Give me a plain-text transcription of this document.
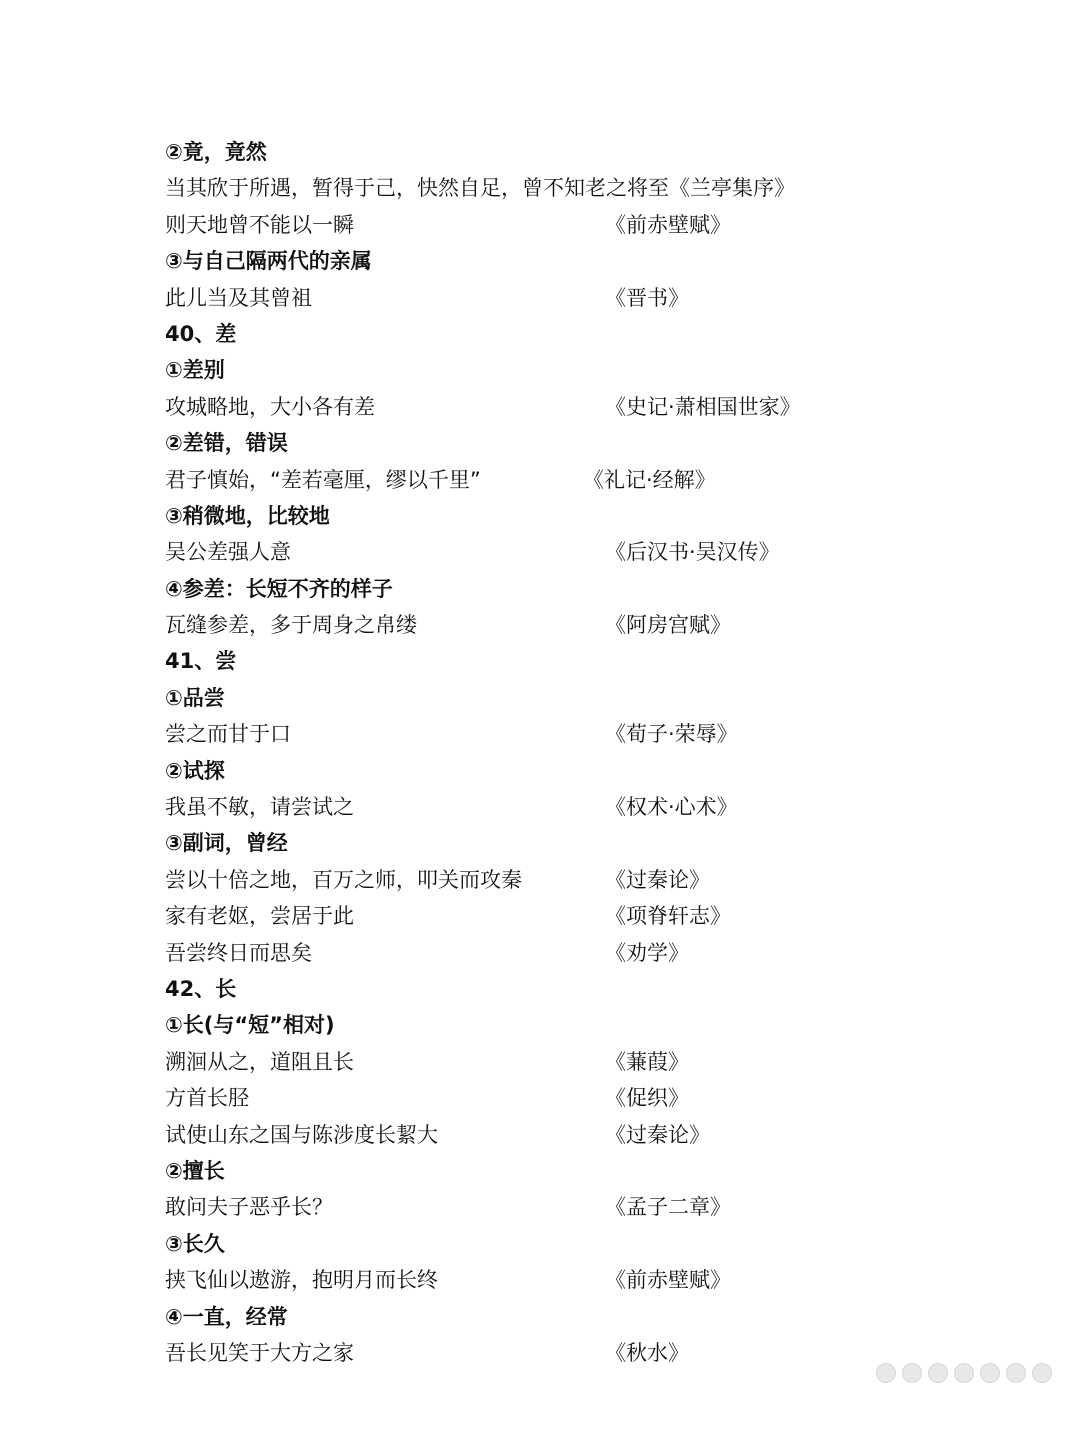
②竟，竟然
当其欣于所遇，暂得于己，快然自足，曾不知老之将至《兰亭集序》
则天地曾不能以一瞬	《前赤壁赋》
③与自己隔两代的亲属
此儿当及其曾祖	《晋书》
40、差
①差别
攻城略地，大小各有差	《史记·萧相国世家》
②差错，错误
君子慎始，“差若毫厘，缪以千里”	《礼记·经解》
③稍微地，比较地
吴公差强人意	《后汉书·吴汉传》
④参差：长短不齐的样子
瓦缝参差，多于周身之帛缕	《阿房宫赋》
41、尝
①品尝
尝之而甘于口	《荀子·荣辱》
②试探
我虽不敏，请尝试之	《权术·心术》
③副词，曾经
尝以十倍之地，百万之师，叩关而攻秦	《过秦论》
家有老妪，尝居于此	《项脊轩志》
吾尝终日而思矣	《劝学》
42、长
①长(与“短”相对)
溯洄从之，道阻且长	《蒹葭》
方首长胫	《促织》
试使山东之国与陈涉度长絜大	《过秦论》
②擅长
敢问夫子恶乎长？	《孟子二章》
③长久
挟飞仙以遨游，抱明月而长终	《前赤壁赋》
④一直，经常
吾长见笑于大方之家	《秋水》
